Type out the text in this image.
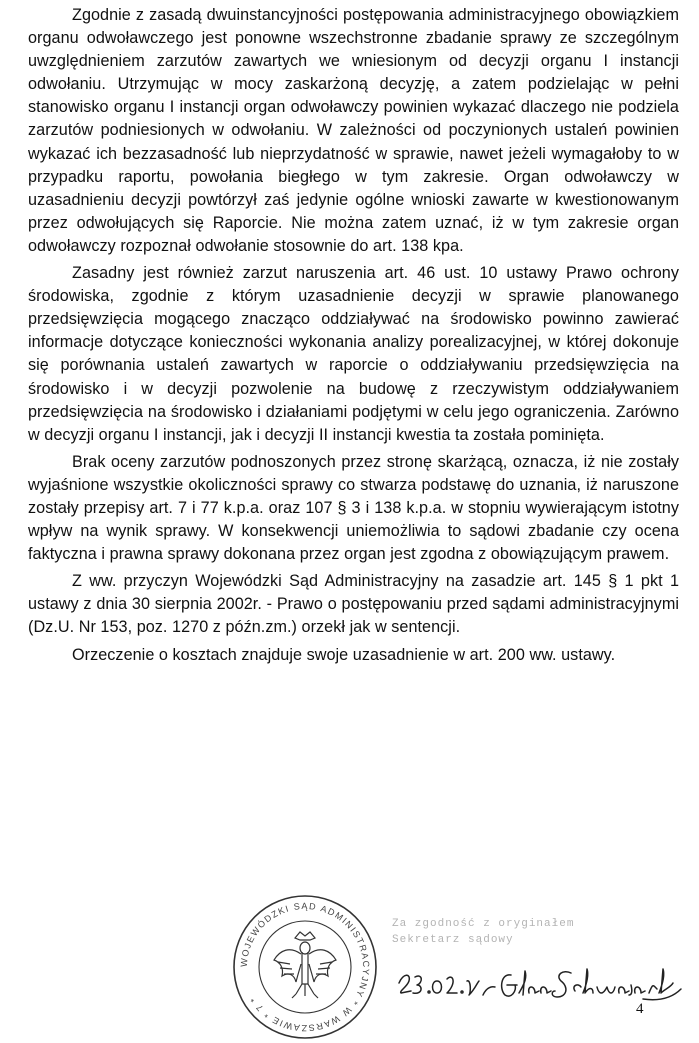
Zgodnie z zasadą dwuinstancyjności postępowania administracyjnego obowiązkiem organu odwoławczego jest ponowne wszechstronne zbadanie sprawy ze szczególnym uwzględnieniem zarzutów zawartych we wniesionym od decyzji organu I instancji odwołaniu. Utrzymując w mocy zaskarżoną decyzję, a zatem podzielając w pełni stanowisko organu I instancji organ odwoławczy powinien wykazać dlaczego nie podziela zarzutów podniesionych w odwołaniu. W zależności od poczynionych ustaleń powinien wykazać ich bezzasadność lub nieprzydatność w sprawie, nawet jeżeli wymagałoby to w przypadku raportu, powołania biegłego w tym zakresie. Organ odwoławczy w uzasadnieniu decyzji powtórzył zaś jedynie ogólne wnioski zawarte w kwestionowanym przez odwołujących się Raporcie. Nie można zatem uznać, iż w tym zakresie organ odwoławczy rozpoznał odwołanie stosownie do art. 138 kpa.

Zasadny jest również zarzut naruszenia art. 46 ust. 10 ustawy Prawo ochrony środowiska, zgodnie z którym uzasadnienie decyzji w sprawie planowanego przedsięwzięcia mogącego znacząco oddziaływać na środowisko powinno zawierać informacje dotyczące konieczności wykonania analizy porealizacyjnej, w której dokonuje się porównania ustaleń zawartych w raporcie o oddziaływaniu przedsięwzięcia na środowisko i w decyzji pozwolenie na budowę z rzeczywistym oddziaływaniem przedsięwzięcia na środowisko i działaniami podjętymi w celu jego ograniczenia. Zarówno w decyzji organu I instancji, jak i decyzji II instancji kwestia ta została pominięta.

Brak oceny zarzutów podnoszonych przez stronę skarżącą, oznacza, iż nie zostały wyjaśnione wszystkie okoliczności sprawy co stwarza podstawę do uznania, iż naruszone zostały przepisy art. 7 i 77 k.p.a. oraz 107 § 3 i 138 k.p.a. w stopniu wywierającym istotny wpływ na wynik sprawy. W konsekwencji uniemożliwia to sądowi zbadanie czy ocena faktyczna i prawna sprawy dokonana przez organ jest zgodna z obowiązującym prawem.

Z ww. przyczyn Wojewódzki Sąd Administracyjny na zasadzie art. 145 § 1 pkt 1 ustawy z dnia 30 sierpnia 2002r. - Prawo o postępowaniu przed sądami administracyjnymi (Dz.U. Nr 153, poz. 1270 z późn.zm.) orzekł jak w sentencji.

Orzeczenie o kosztach znajduje swoje uzasadnienie w art. 200 ww. ustawy.

WOJEWÓDZKI SĄD ADMINISTRACYJNY * W WARSZAWIE * 7 *
Za zgodność z oryginałem
Sekretarz sądowy
23.02.05r. Ewa Schwarska	4
